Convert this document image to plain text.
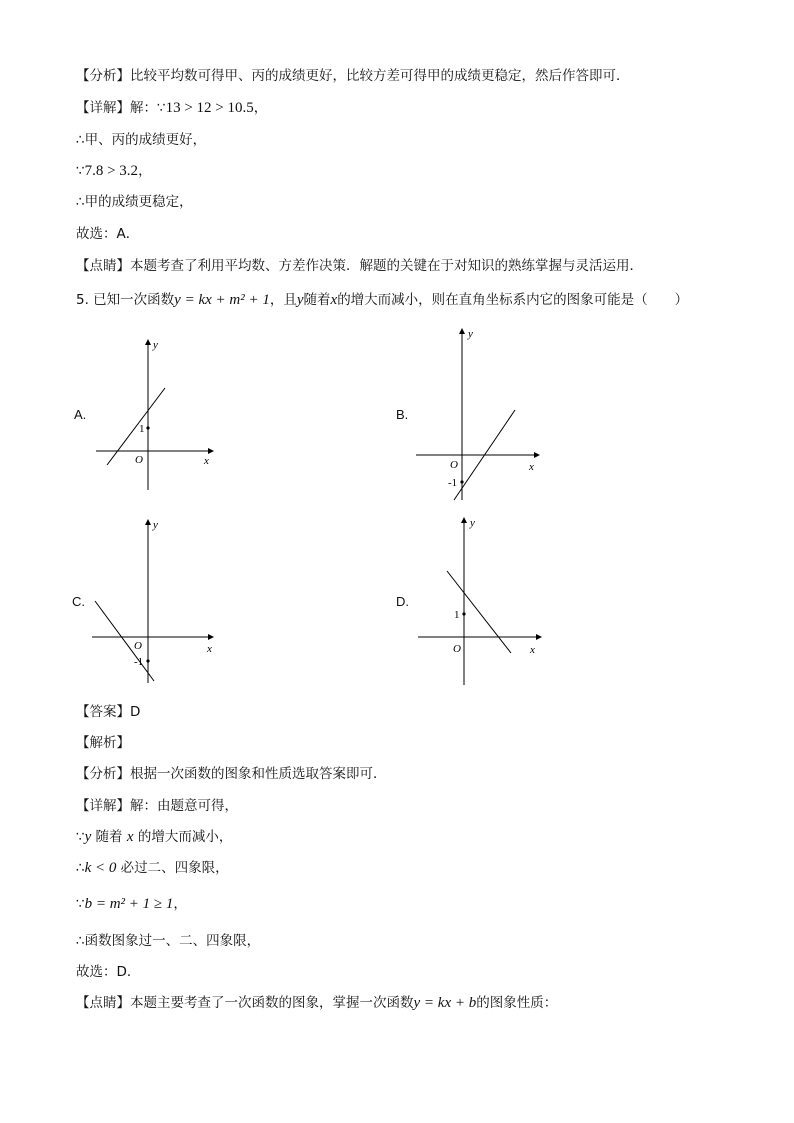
【分析】比较平均数可得甲、丙的成绩更好，比较方差可得甲的成绩更稳定，然后作答即可．
【详解】解：∵13 > 12 > 10.5，
∴甲、丙的成绩更好，
∵7.8 > 3.2，
∴甲的成绩更稳定，
故选：A．
【点睛】本题考查了利用平均数、方差作决策．解题的关键在于对知识的熟练掌握与灵活运用．
5. 已知一次函数y = kx + m² + 1，且y随着x的增大而减小，则在直角坐标系内它的图象可能是（　　）
A.	B.
C.	D.
y
x
O
1
y
x
O
-1
y
x
O
-1
y
x
O
1
【答案】D
【解析】
【分析】根据一次函数的图象和性质选取答案即可．
【详解】解：由题意可得，
∵y 随着 x 的增大而减小，
∴k < 0 必过二、四象限，
∵b = m² + 1 ≥ 1，
∴函数图象过一、二、四象限，
故选：D．
【点睛】本题主要考查了一次函数的图象，掌握一次函数y = kx + b的图象性质：
